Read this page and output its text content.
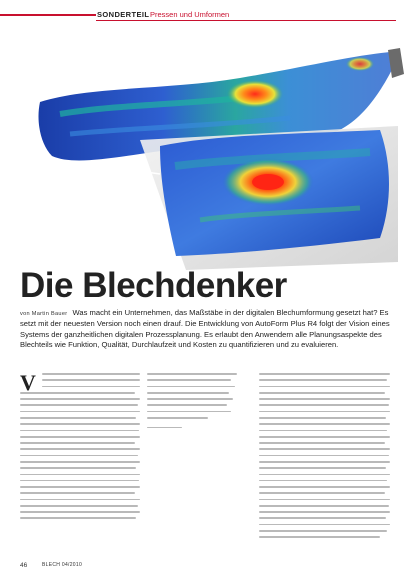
SONDERTEIL Pressen und Umformen
Die Blechdenker
von Martin Bauer Was macht ein Unternehmen, das Maßstäbe in der digitalen Blechumformung gesetzt hat? Es setzt mit der neuesten Version noch einen drauf. Die Entwicklung von AutoForm Plus R4 folgt der Vision eines Systems der ganzheitlichen digitalen Prozessplanung. Es erlaubt den Anwendern alle Planungsaspekte des Blechteils wie Funktion, Qualität, Durchlaufzeit und Kosten zu quantifizieren und zu evaluieren.
V
46	BLECH 04/2010
